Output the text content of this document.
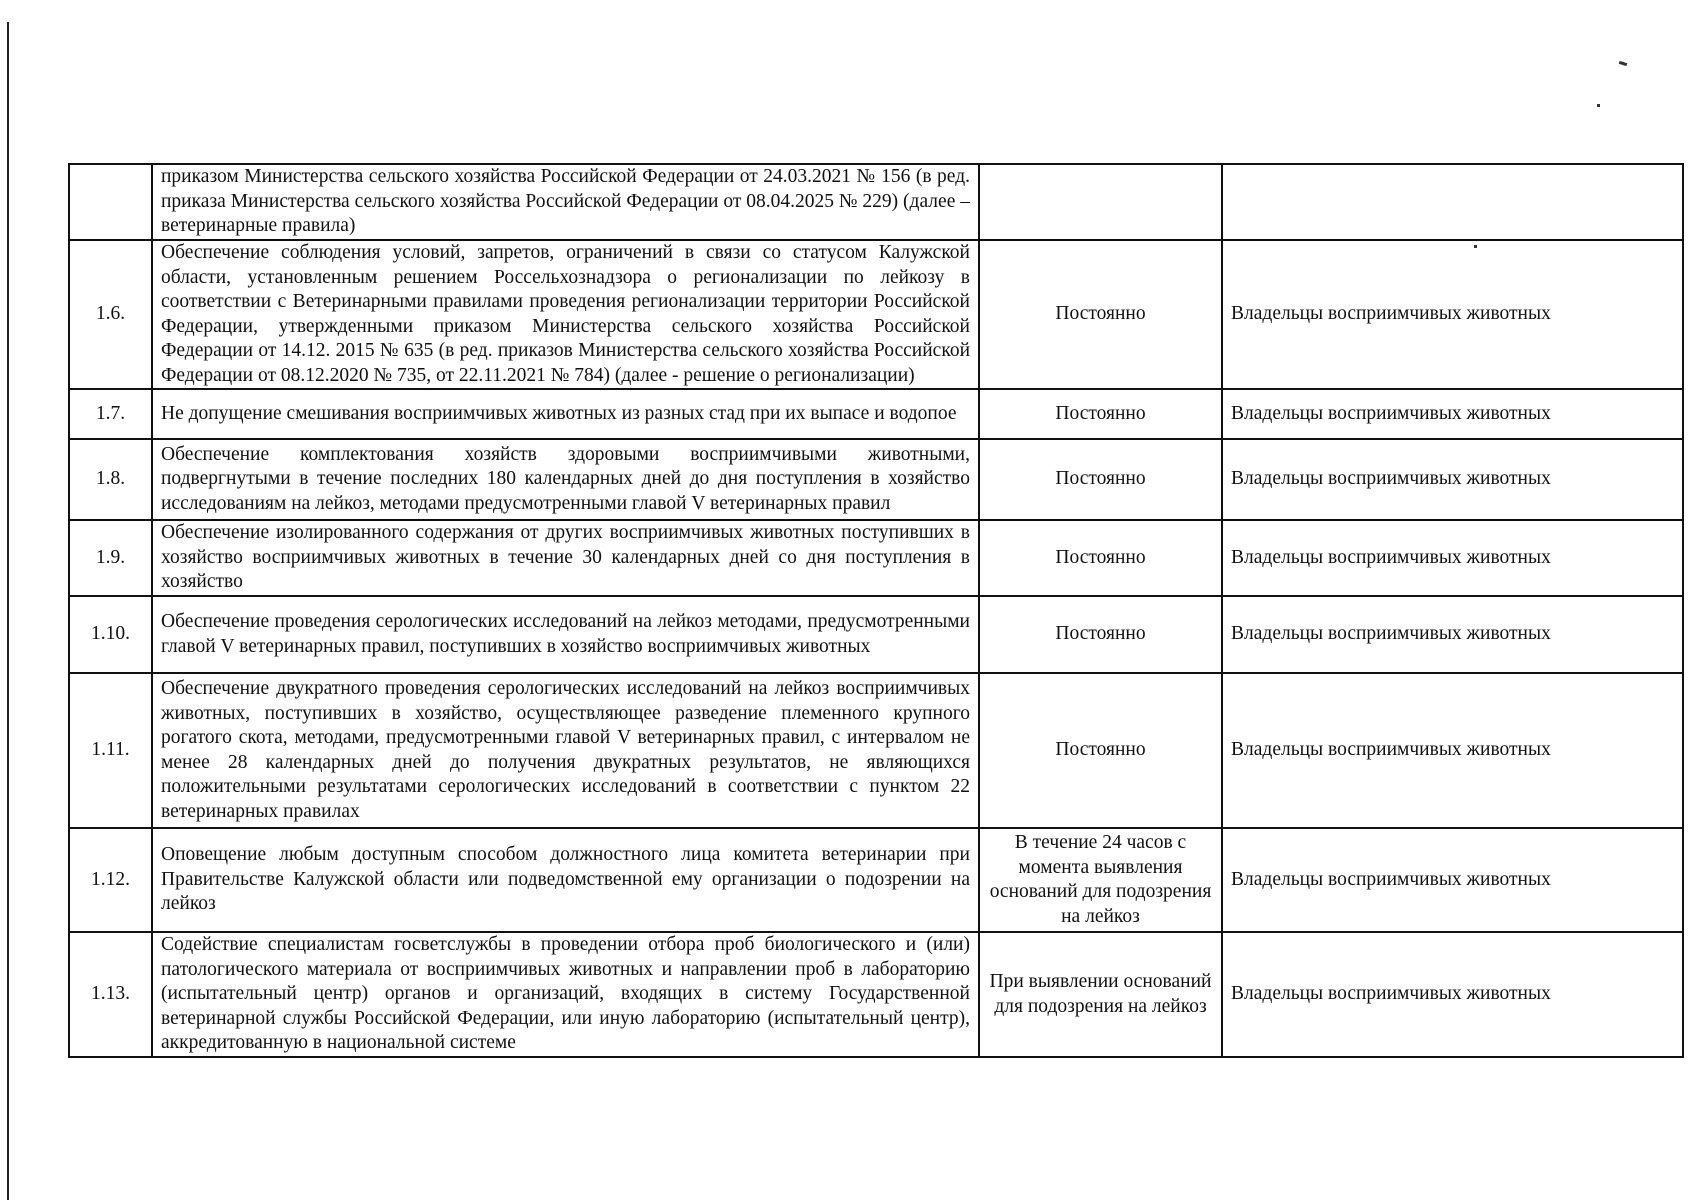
	приказом Министерства сельского хозяйства Российской Федерации от 24.03.2021 № 156 (в ред. приказа Министерства сельского хозяйства Российской Федерации от 08.04.2025 № 229) (далее – ветеринарные правила)		
1.6.	Обеспечение соблюдения условий, запретов, ограничений в связи со статусом Калужской области, установленным решением Россельхознадзора о регионализации по лейкозу в соответствии с Ветеринарными правилами проведения регионализации территории Российской Федерации, утвержденными приказом Министерства сельского хозяйства Российской Федерации от 14.12. 2015 № 635 (в ред. приказов Министерства сельского хозяйства Российской Федерации от 08.12.2020 № 735, от 22.11.2021 № 784) (далее - решение о регионализации)	Постоянно	Владельцы восприимчивых животных
1.7.	Не допущение смешивания восприимчивых животных из разных стад при их выпасе и водопое	Постоянно	Владельцы восприимчивых животных
1.8.	Обеспечение комплектования хозяйств здоровыми восприимчивыми животными, подвергнутыми в течение последних 180 календарных дней до дня поступления в хозяйство исследованиям на лейкоз, методами предусмотренными главой V ветеринарных правил	Постоянно	Владельцы восприимчивых животных
1.9.	Обеспечение изолированного содержания от других восприимчивых животных поступивших в хозяйство восприимчивых животных в течение 30 календарных дней со дня поступления в хозяйство	Постоянно	Владельцы восприимчивых животных
1.10.	Обеспечение проведения серологических исследований на лейкоз методами, предусмотренными главой V ветеринарных правил, поступивших в хозяйство восприимчивых животных	Постоянно	Владельцы восприимчивых животных
1.11.	Обеспечение двукратного проведения серологических исследований на лейкоз восприимчивых животных, поступивших в хозяйство, осуществляющее разведение племенного крупного рогатого скота, методами, предусмотренными главой V ветеринарных правил, с интервалом не менее 28 календарных дней до получения двукратных результатов, не являющихся положительными результатами серологических исследований в соответствии с пунктом 22 ветеринарных правилах	Постоянно	Владельцы восприимчивых животных
1.12.	Оповещение любым доступным способом должностного лица комитета ветеринарии при Правительстве Калужской области или подведомственной ему организации о подозрении на лейкоз	В течение 24 часов с момента выявления оснований для подозрения на лейкоз	Владельцы восприимчивых животных
1.13.	Содействие специалистам госветслужбы в проведении отбора проб биологического и (или) патологического материала от восприимчивых животных и направлении проб в лабораторию (испытательный центр) органов и организаций, входящих в систему Государственной ветеринарной службы Российской Федерации, или иную лабораторию (испытательный центр), аккредитованную в национальной системе	При выявлении оснований для подозрения на лейкоз	Владельцы восприимчивых животных
